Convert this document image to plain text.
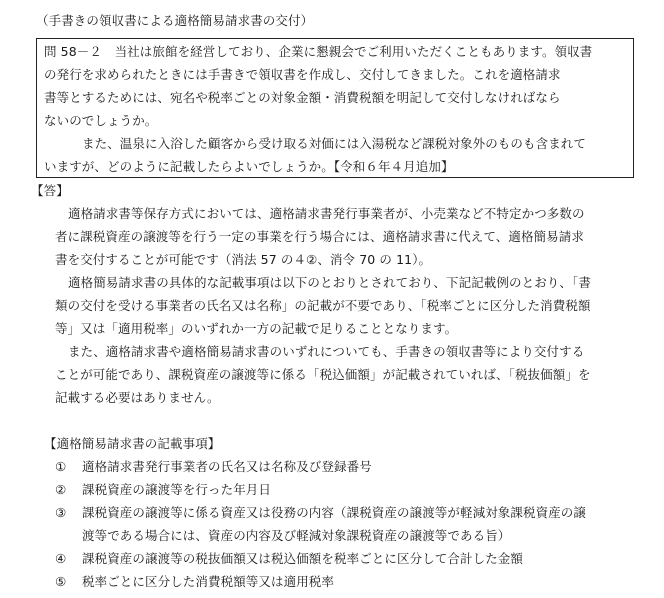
（手書きの領収書による適格簡易請求書の交付）
問 58－２　当社は旅館を経営しており、企業に懇親会でご利用いただくこともあります。領収書
の発行を求められたときには手書きで領収書を作成し、交付してきました。これを適格請求
書等とするためには、宛名や税率ごとの対象金額・消費税額を明記して交付しなければなら
ないのでしょうか。
また、温泉に入浴した顧客から受け取る対価には入湯税など課税対象外のものも含まれて
いますが、どのように記載したらよいでしょうか。【令和６年４月追加】
【答】
適格請求書等保存方式においては、適格請求書発行事業者が、小売業など不特定かつ多数の
者に課税資産の譲渡等を行う一定の事業を行う場合には、適格請求書に代えて、適格簡易請求
書を交付することが可能です（消法 57 の４②、消令 70 の 11）。
適格簡易請求書の具体的な記載事項は以下のとおりとされており、下記記載例のとおり、「書
類の交付を受ける事業者の氏名又は名称」の記載が不要であり、「税率ごとに区分した消費税額
等」又は「適用税率」のいずれか一方の記載で足りることとなります。
また、適格請求書や適格簡易請求書のいずれについても、手書きの領収書等により交付する
ことが可能であり、課税資産の譲渡等に係る「税込価額」が記載されていれば、「税抜価額」を
記載する必要はありません。
【適格簡易請求書の記載事項】
① 適格請求書発行事業者の氏名又は名称及び登録番号
② 課税資産の譲渡等を行った年月日
③ 課税資産の譲渡等に係る資産又は役務の内容（課税資産の譲渡等が軽減対象課税資産の譲
渡等である場合には、資産の内容及び軽減対象課税資産の譲渡等である旨）
④ 課税資産の譲渡等の税抜価額又は税込価額を税率ごとに区分して合計した金額
⑤ 税率ごとに区分した消費税額等又は適用税率
